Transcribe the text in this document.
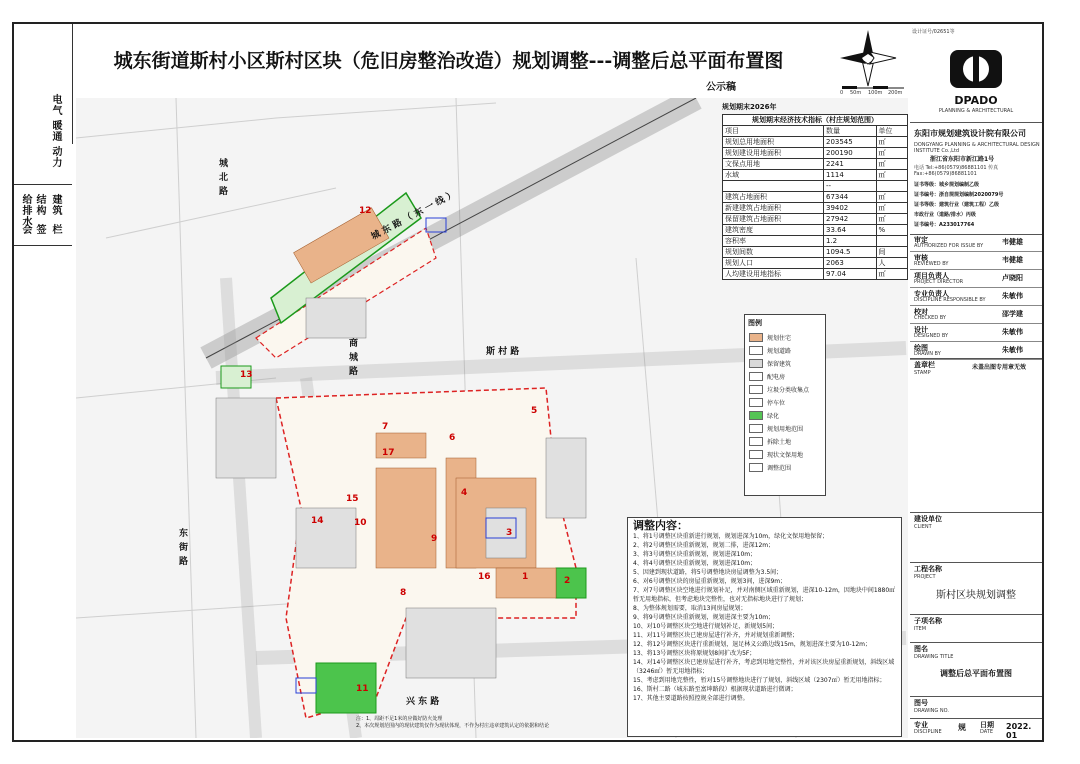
电气
暖通
动力
建筑
结构
给排水
会 签 栏
城东街道斯村小区斯村区块（危旧房整治改造）规划调整---调整后总平面布置图
公示稿	0 50m 100m 200m
城 东 路 （ 东 一 线 ）
斯 村 路
兴 东 路
城 北 路
商 城 路
东 街 路
1	2
3
4
5
6
7
8
9
10
11
12
13
14
15
16
17
规划期末2026年
规划期末经济技术指标（村庄规划范围）		
项目	数量	单位
规划总用地面积	203545	㎡
规划建设用地面积	200190	㎡
文保点用地	2241	㎡
水域	1114	㎡
	--	
建筑占地面积	67344	㎡
新建建筑占地面积	39402	㎡
保留建筑占地面积	27942	㎡
建筑密度	33.64	%
容积率	1.2	
规划间数	1094.5	间
规划人口	2063	人
人均建设用地指标	97.04	㎡
图例
规划住宅
规划道路
保留建筑
配电房
垃圾分类收集点
停车位
绿化
规划用地范围
拆除土地
现状文保用地
调整范围
调整内容：
1、将1号调整区块重新进行规划，规划进深为10m，绿化文保用地保留；
2、将2号调整区块重新规划，规划二排，进深12m；
3、将3号调整区块重新规划，规划进深10m；
4、将4号调整区块重新规划，规划进深10m；
5、因建到现状道路，将5号调整地块房屋调整为3.5间；
6、对6号调整区块的房屋重新规划，规划3间，进深9m；
7、对7号调整区块空地进行规划补足，并对南侧区域重新规划，进深10-12m，因地块中间1880㎡暂无用地指标，但考虑地块完整性，也对无指标地块进行了规划；
8、为整体规划需要，取消13间房屋规划；
9、将9号调整区块重新规划，规划进深主要为10m；
10、对10号调整区块空地进行规划补足，新规划5间；
11、对11号调整区块已建房屋进行补齐，并对规划重新调整；
12、将12号调整区块进行重新规划，退足林义公路边线15m，规划进深主要为10-12m；
13、将13号调整区块将原规划8间扩改为5F；
14、对14号调整区块已建房屋进行补齐，考虑到用地完整性，并对该区块房屋重新规划，斜线区域（3246㎡）暂无用地指标；
15、考虑到用地完整性，暂对15号调整地块进行了规划，斜线区域（2307㎡）暂无用地指标；
16、斯村二路（城东路至富坤路段）根据现状道路进行微调；
17、其他主要道路按照控规全部进行调整。
注：1、周距不足1米的应做好防火处理
2、本次规划范围内的现状建筑仅作为现状体现，不作为村庄违章建筑认定的依据和结论
设计证号/02651等
DPADO
PLANNING & ARCHITECTURAL
东阳市规划建筑设计院有限公司
DONGYANG PLANNING & ARCHITECTURAL DESIGN INSTITUTE Co.,Ltd
浙江省东阳市新江路1号
电话 Tel:+86(0579)86881101 传真 Fax:+86(0579)86881101
证书等级：城乡规划编制乙级
证书编号：浙自规规划编制2020079号
证书等级：建筑行业（建筑工程）乙级
市政行业（道路/排水）丙级
证书编号：A233017764
审定
AUTHORIZED FOR ISSUE BY	韦健雄
审核
REVIEWED BY	韦健雄
项目负责人
PROJECT DIRECTOR	卢晓阳
专业负责人
DISCIPLINE RESPONSIBLE BY 朱敏伟
校对
CHECKED BY	邵学建
设计
DESIGNED BY	朱敏伟
绘图
DRAWN BY	朱敏伟
盖章栏
STAMP
未盖出图专用章无效
建设单位
CLIENT
工程名称
PROJECT
斯村区块规划调整
子项名称
ITEM
图名
DRAWING TITLE
调整后总平面布置图
图号
DRAWING NO.
专业
DISCIPLINE 规 日期
DATE
2022. 01
